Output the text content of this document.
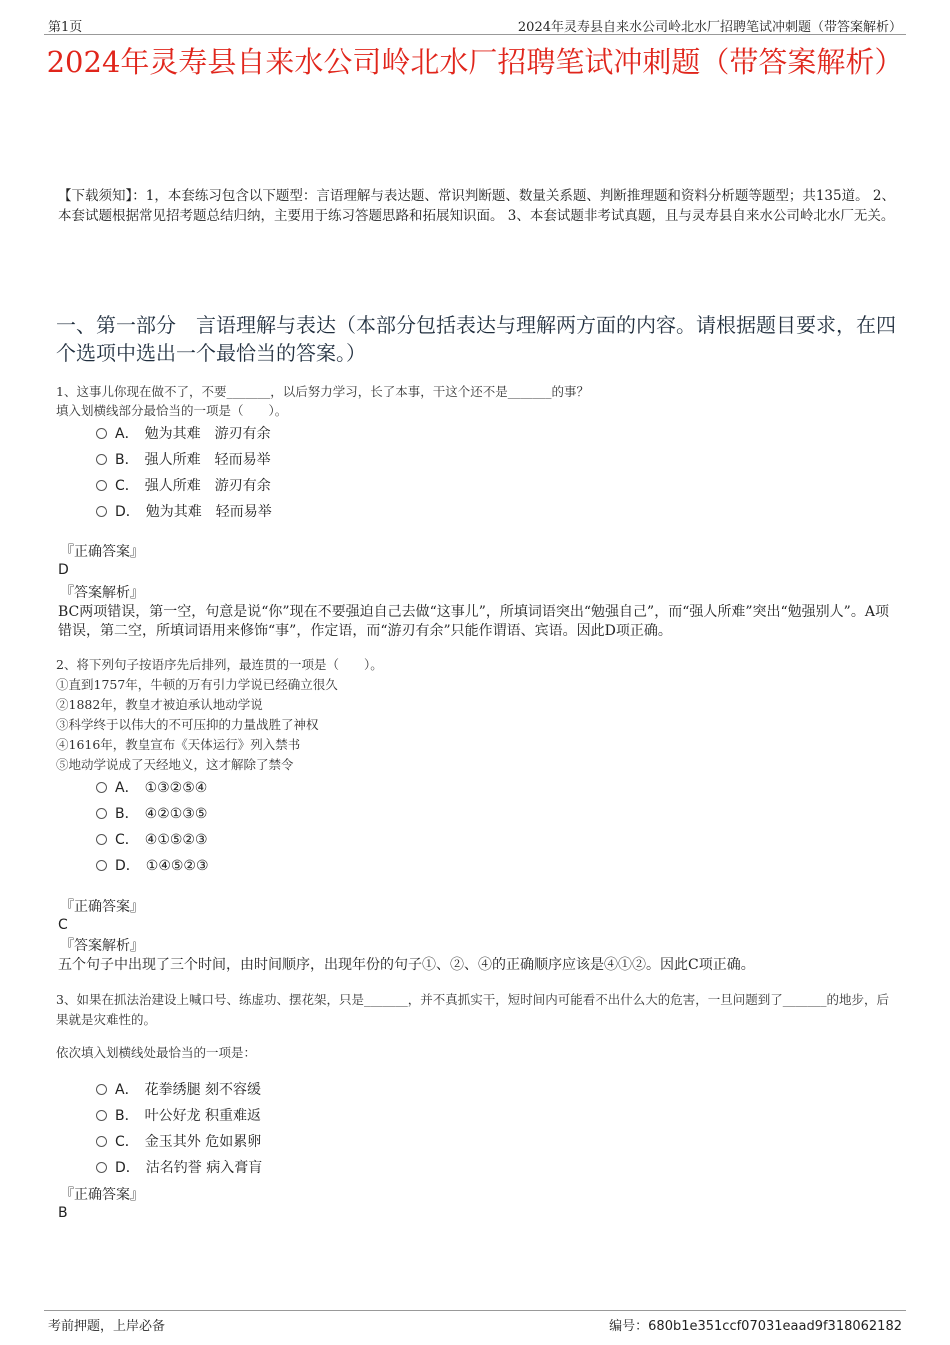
第1页	2024年灵寿县自来水公司岭北水厂招聘笔试冲刺题（带答案解析）
2024年灵寿县自来水公司岭北水厂招聘笔试冲刺题（带答案解析）
【下载须知】：1，本套练习包含以下题型：言语理解与表达题、常识判断题、数量关系题、判断推理题和资料分析题等题型；共135道。 2、本套试题根据常见招考题总结归纳，主要用于练习答题思路和拓展知识面。 3、本套试题非考试真题，且与灵寿县自来水公司岭北水厂无关。
一、第一部分　言语理解与表达（本部分包括表达与理解两方面的内容。请根据题目要求，在四个选项中选出一个最恰当的答案。）
1、这事儿你现在做不了，不要_______，以后努力学习，长了本事，干这个还不是_______的事？
填入划横线部分最恰当的一项是（　　）。
A． 勉为其难　游刃有余
B． 强人所难　轻而易举
C． 强人所难　游刃有余
D． 勉为其难　轻而易举
『正确答案』
D
『答案解析』
BC两项错误，第一空，句意是说“你”现在不要强迫自己去做“这事儿”，所填词语突出“勉强自己”，而“强人所难”突出“勉强别人”。A项错误，第二空，所填词语用来修饰“事”，作定语，而“游刃有余”只能作谓语、宾语。因此D项正确。
2、将下列句子按语序先后排列，最连贯的一项是（　　）。
①直到1757年，牛顿的万有引力学说已经确立很久
②1882年，教皇才被迫承认地动学说
③科学终于以伟大的不可压抑的力量战胜了神权
④1616年，教皇宣布《天体运行》列入禁书
⑤地动学说成了天经地义，这才解除了禁令
A． ①③②⑤④
B． ④②①③⑤
C． ④①⑤②③
D． ①④⑤②③
『正确答案』
C
『答案解析』
五个句子中出现了三个时间，由时间顺序，出现年份的句子①、②、④的正确顺序应该是④①②。因此C项正确。
3、如果在抓法治建设上喊口号、练虚功、摆花架，只是_______，并不真抓实干，短时间内可能看不出什么大的危害，一旦问题到了_______的地步，后果就是灾难性的。
依次填入划横线处最恰当的一项是：
A． 花拳绣腿 刻不容缓
B． 叶公好龙 积重难返
C． 金玉其外 危如累卵
D． 沽名钓誉 病入膏肓
『正确答案』
B
考前押题，上岸必备	编号：680b1e351ccf07031eaad9f318062182
